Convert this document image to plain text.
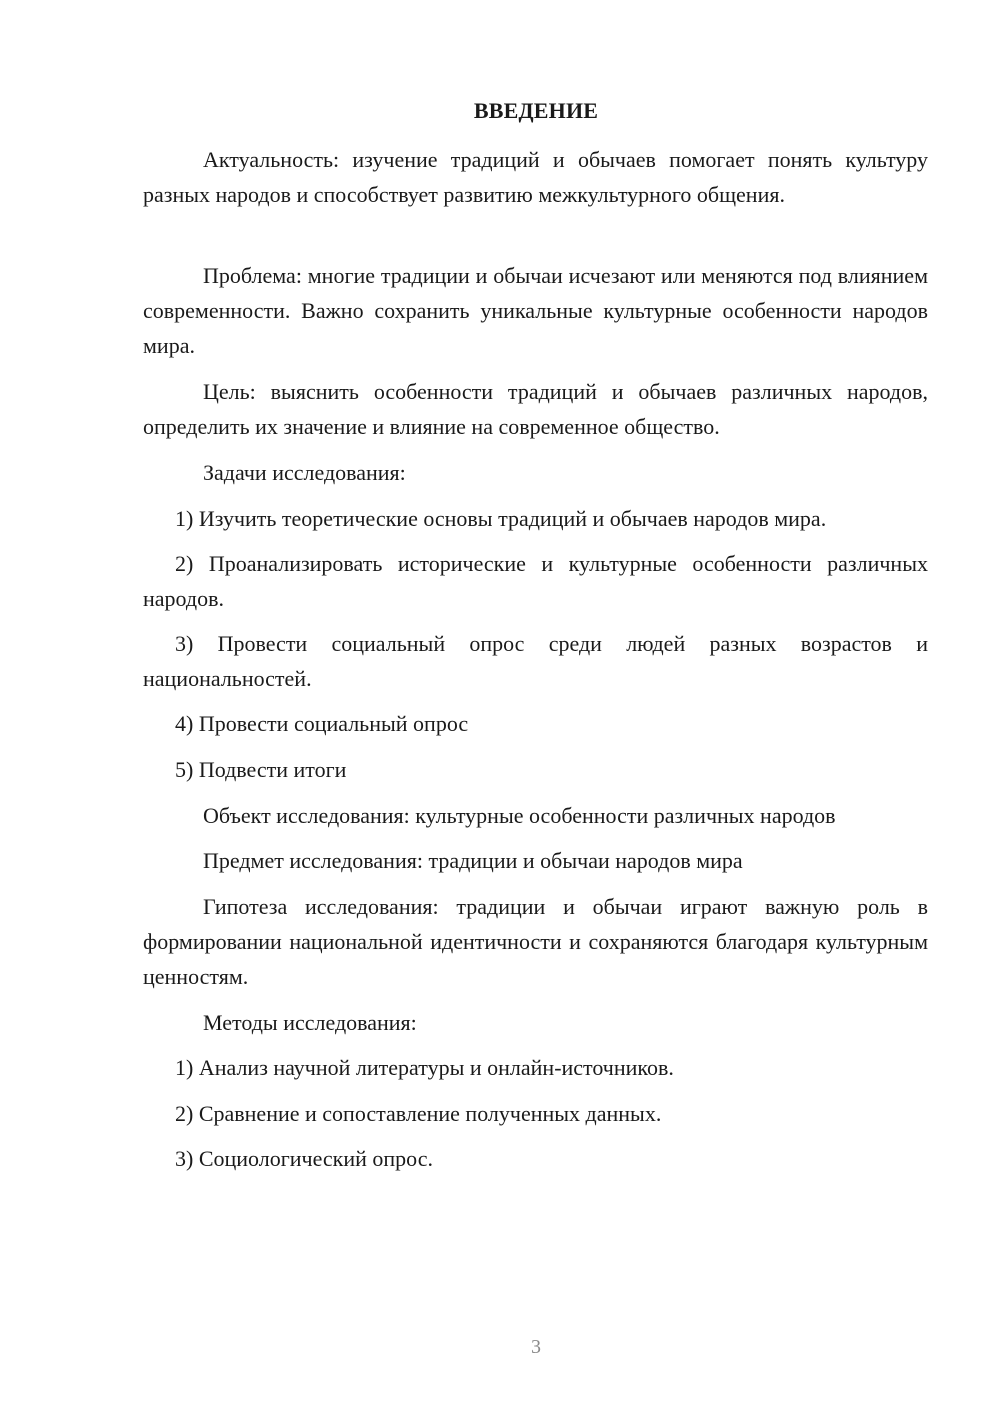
ВВЕДЕНИЕ

Актуальность: изучение традиций и обычаев помогает понять культуру разных народов и способствует развитию межкультурного общения.

Проблема: многие традиции и обычаи исчезают или меняются под влиянием современности. Важно сохранить уникальные культурные особенности народов мира.

Цель: выяснить особенности традиций и обычаев различных народов, определить их значение и влияние на современное общество.

Задачи исследования:

1) Изучить теоретические основы традиций и обычаев народов мира.

2) Проанализировать исторические и культурные особенности различных народов.

3) Провести социальный опрос среди людей разных возрастов и национальностей.

4) Провести социальный опрос

5) Подвести итоги

Объект исследования: культурные особенности различных народов

Предмет исследования: традиции и обычаи народов мира

Гипотеза исследования: традиции и обычаи играют важную роль в формировании национальной идентичности и сохраняются благодаря культурным ценностям.

Методы исследования:

1) Анализ научной литературы и онлайн-источников.

2) Сравнение и сопоставление полученных данных.

3) Социологический опрос.

3
